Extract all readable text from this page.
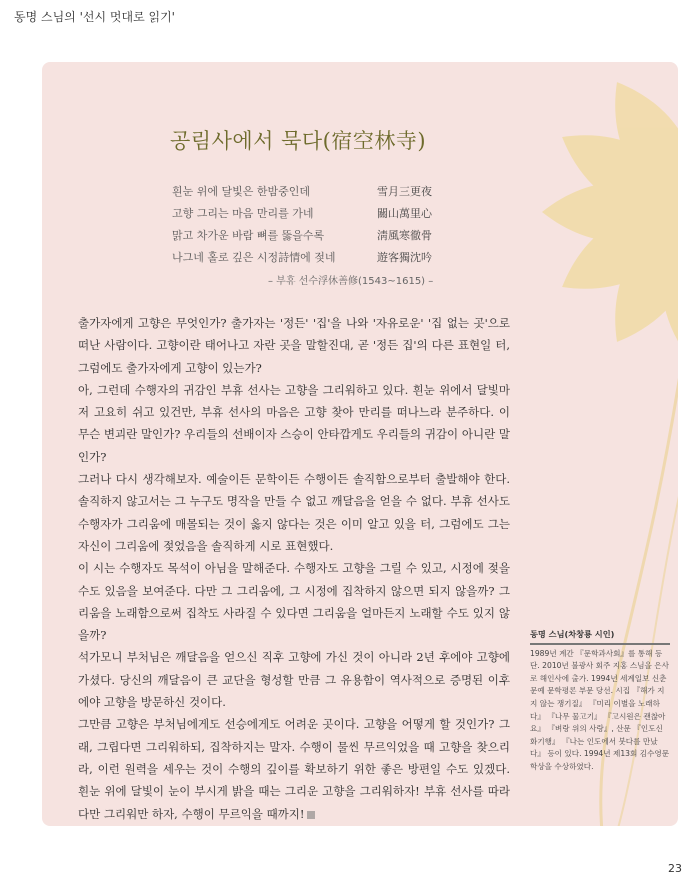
동명 스님의 '선시 멋대로 읽기'
공림사에서 묵다(宿空林寺)
흰눈 위에 달빛은 한밤중인데	雪月三更夜
고향 그리는 마음 만리를 가네	關山萬里心
맑고 차가운 바람 뼈를 뚫을수록	淸風寒徹骨
나그네 홀로 깊은 시정詩情에 젖네	遊客獨沈吟
– 부휴 선수浮休善修(1543~1615) –

출가자에게 고향은 무엇인가? 출가자는 '정든' '집'을 나와 '자유로운' '집 없는 곳'으로 떠난 사람이다. 고향이란 태어나고 자란 곳을 말할진대, 곧 '정든 집'의 다른 표현일 터, 그럼에도 출가자에게 고향이 있는가?

아, 그런데 수행자의 귀감인 부휴 선사는 고향을 그리워하고 있다. 흰눈 위에서 달빛마저 고요히 쉬고 있건만, 부휴 선사의 마음은 고향 찾아 만리를 떠나느라 분주하다. 이 무슨 변괴란 말인가? 우리들의 선배이자 스승이 안타깝게도 우리들의 귀감이 아니란 말인가?

그러나 다시 생각해보자. 예술이든 문학이든 수행이든 솔직함으로부터 출발해야 한다. 솔직하지 않고서는 그 누구도 명작을 만들 수 없고 깨달음을 얻을 수 없다. 부휴 선사도 수행자가 그리움에 매몰되는 것이 옳지 않다는 것은 이미 알고 있을 터, 그럼에도 그는 자신이 그리움에 젖었음을 솔직하게 시로 표현했다.

이 시는 수행자도 목석이 아님을 말해준다. 수행자도 고향을 그릴 수 있고, 시정에 젖을 수도 있음을 보여준다. 다만 그 그리움에, 그 시정에 집착하지 않으면 되지 않을까? 그리움을 노래함으로써 집착도 사라질 수 있다면 그리움을 얼마든지 노래할 수도 있지 않을까?

석가모니 부처님은 깨달음을 얻으신 직후 고향에 가신 것이 아니라 2년 후에야 고향에 가셨다. 당신의 깨달음이 큰 교단을 형성할 만큼 그 유용함이 역사적으로 증명된 이후에야 고향을 방문하신 것이다.

그만큼 고향은 부처님에게도 선승에게도 어려운 곳이다. 고향을 어떻게 할 것인가? 그래, 그립다면 그리워하되, 집착하지는 말자. 수행이 물씬 무르익었을 때 고향을 찾으리라, 이런 원력을 세우는 것이 수행의 깊이를 확보하기 위한 좋은 방편일 수도 있겠다. 흰눈 위에 달빛이 눈이 부시게 밝을 때는 그리운 고향을 그리워하자! 부휴 선사를 따라 다만 그리워만 하자, 수행이 무르익을 때까지!

동명 스님(차창룡 시인)

1989년 계간 『문학과사회』를 통해 등단. 2010년 불광사 회주 지홍 스님을 은사로 해인사에 출가. 1994년 세계일보 신춘문예 문학평론 부문 당선. 시집 『해가 지지 않는 쟁기질』 『미리 이별을 노래하다』 『나무 물고기』 『고시원은 괜찮아요』 『벼랑 위의 사랑』, 산문 『인도신화기행』 『나는 인도에서 붓다를 만났다』 등이 있다. 1994년 제13회 김수영문학상을 수상하였다.

23
